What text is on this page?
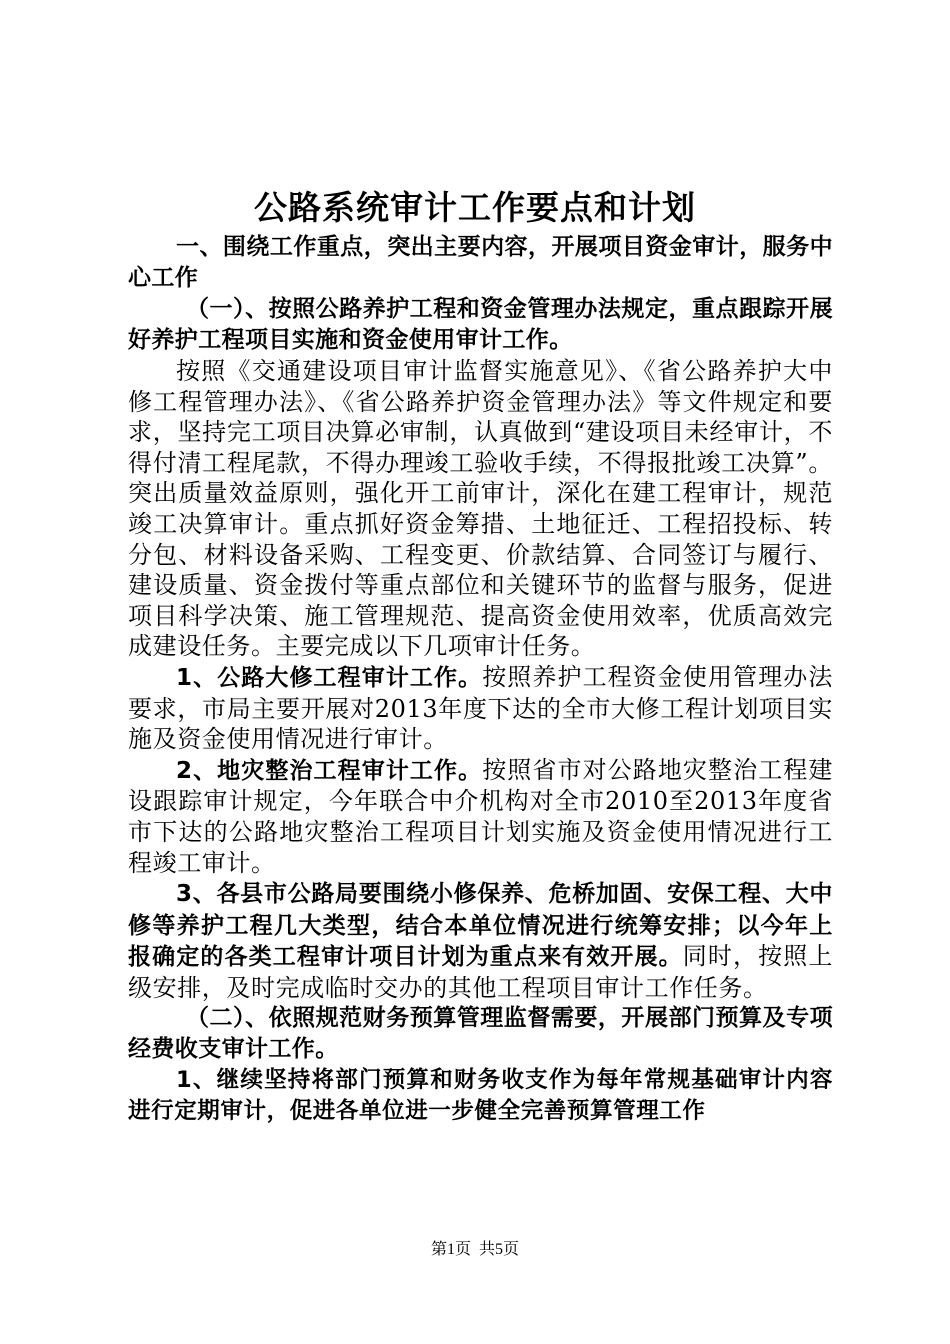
公路系统审计工作要点和计划

一、围绕工作重点，突出主要内容，开展项目资金审计，服务中心工作

（一）、按照公路养护工程和资金管理办法规定，重点跟踪开展好养护工程项目实施和资金使用审计工作。

按照《交通建设项目审计监督实施意见》、《省公路养护大中修工程管理办法》、《省公路养护资金管理办法》等文件规定和要求，坚持完工项目决算必审制，认真做到“建设项目未经审计，不得付清工程尾款，不得办理竣工验收手续，不得报批竣工决算”。突出质量效益原则，强化开工前审计，深化在建工程审计，规范竣工决算审计。重点抓好资金筹措、土地征迁、工程招投标、转分包、材料设备采购、工程变更、价款结算、合同签订与履行、建设质量、资金拨付等重点部位和关键环节的监督与服务，促进项目科学决策、施工管理规范、提高资金使用效率，优质高效完成建设任务。主要完成以下几项审计任务。

1、公路大修工程审计工作。按照养护工程资金使用管理办法要求，市局主要开展对2013年度下达的全市大修工程计划项目实施及资金使用情况进行审计。

2、地灾整治工程审计工作。按照省市对公路地灾整治工程建设跟踪审计规定，今年联合中介机构对全市2010至2013年度省市下达的公路地灾整治工程项目计划实施及资金使用情况进行工程竣工审计。

3、各县市公路局要围绕小修保养、危桥加固、安保工程、大中修等养护工程几大类型，结合本单位情况进行统筹安排；以今年上报确定的各类工程审计项目计划为重点来有效开展。同时，按照上级安排，及时完成临时交办的其他工程项目审计工作任务。

（二）、依照规范财务预算管理监督需要，开展部门预算及专项经费收支审计工作。

1、继续坚持将部门预算和财务收支作为每年常规基础审计内容进行定期审计，促进各单位进一步健全完善预算管理工作

第1页 共5页
